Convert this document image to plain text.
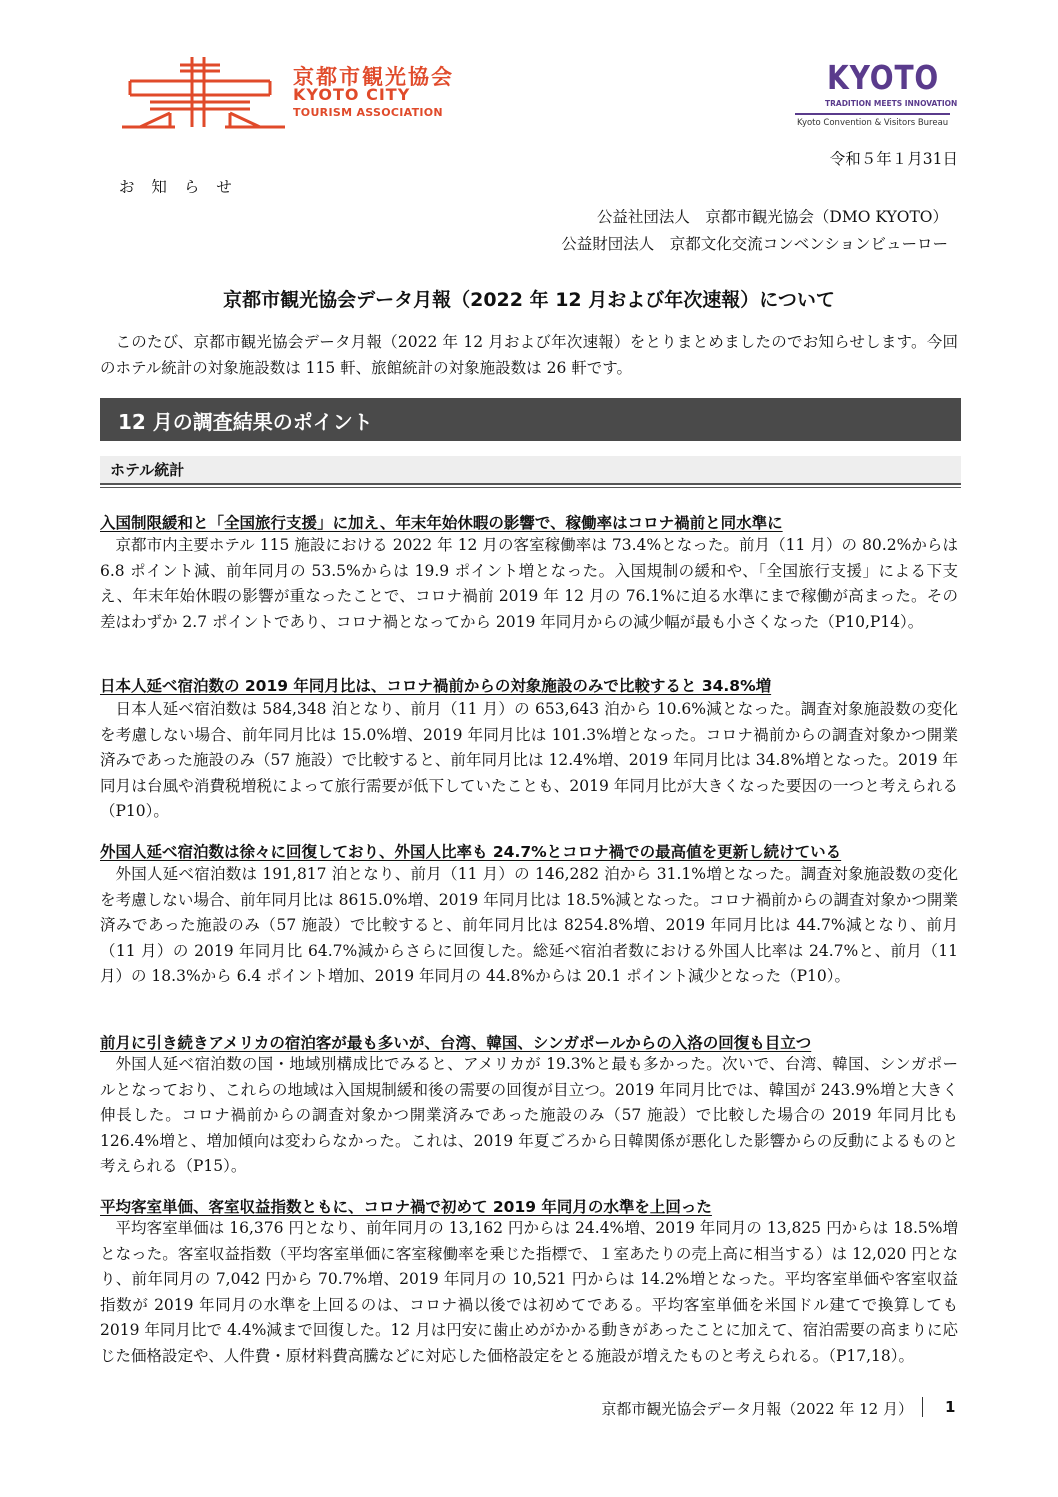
京都市観光協会
KYOTO CITY
TOURISM ASSOCIATION
KYOTO
TRADITION MEETS INNOVATION
Kyoto Convention & Visitors Bureau
令和５年１月31日
お 知 ら せ
公益社団法人　京都市観光協会（DMO KYOTO）
公益財団法人　京都文化交流コンベンションビューロー
京都市観光協会データ月報（2022 年 12 月および年次速報）について

このたび、京都市観光協会データ月報（2022 年 12 月および年次速報）をとりまとめましたのでお知らせします。今回のホテル統計の対象施設数は 115 軒、旅館統計の対象施設数は 26 軒です。

12 月の調査結果のポイント
ホテル統計
入国制限緩和と「全国旅行支援」に加え、年末年始休暇の影響で、稼働率はコロナ禍前と同水準に

京都市内主要ホテル 115 施設における 2022 年 12 月の客室稼働率は 73.4%となった。前月（11 月）の 80.2%からは 6.8 ポイント減、前年同月の 53.5%からは 19.9 ポイント増となった。入国規制の緩和や、「全国旅行支援」による下支え、年末年始休暇の影響が重なったことで、コロナ禍前 2019 年 12 月の 76.1%に迫る水準にまで稼働が高まった。その差はわずか 2.7 ポイントであり、コロナ禍となってから 2019 年同月からの減少幅が最も小さくなった（P10,P14）。

日本人延べ宿泊数の 2019 年同月比は、コロナ禍前からの対象施設のみで比較すると 34.8%増

日本人延べ宿泊数は 584,348 泊となり、前月（11 月）の 653,643 泊から 10.6%減となった。調査対象施設数の変化を考慮しない場合、前年同月比は 15.0%増、2019 年同月比は 101.3%増となった。コロナ禍前からの調査対象かつ開業済みであった施設のみ（57 施設）で比較すると、前年同月比は 12.4%増、2019 年同月比は 34.8%増となった。2019 年同月は台風や消費税増税によって旅行需要が低下していたことも、2019 年同月比が大きくなった要因の一つと考えられる（P10）。

外国人延べ宿泊数は徐々に回復しており、外国人比率も 24.7%とコロナ禍での最高値を更新し続けている

外国人延べ宿泊数は 191,817 泊となり、前月（11 月）の 146,282 泊から 31.1%増となった。調査対象施設数の変化を考慮しない場合、前年同月比は 8615.0%増、2019 年同月比は 18.5%減となった。コロナ禍前からの調査対象かつ開業済みであった施設のみ（57 施設）で比較すると、前年同月比は 8254.8%増、2019 年同月比は 44.7%減となり、前月（11 月）の 2019 年同月比 64.7%減からさらに回復した。総延べ宿泊者数における外国人比率は 24.7%と、前月（11 月）の 18.3%から 6.4 ポイント増加、2019 年同月の 44.8%からは 20.1 ポイント減少となった（P10）。

前月に引き続きアメリカの宿泊客が最も多いが、台湾、韓国、シンガポールからの入洛の回復も目立つ

外国人延べ宿泊数の国・地域別構成比でみると、アメリカが 19.3%と最も多かった。次いで、台湾、韓国、シンガポールとなっており、これらの地域は入国規制緩和後の需要の回復が目立つ。2019 年同月比では、韓国が 243.9%増と大きく伸長した。コロナ禍前からの調査対象かつ開業済みであった施設のみ（57 施設）で比較した場合の 2019 年同月比も 126.4%増と、増加傾向は変わらなかった。これは、2019 年夏ごろから日韓関係が悪化した影響からの反動によるものと考えられる（P15）。

平均客室単価、客室収益指数ともに、コロナ禍で初めて 2019 年同月の水準を上回った

平均客室単価は 16,376 円となり、前年同月の 13,162 円からは 24.4%増、2019 年同月の 13,825 円からは 18.5%増となった。客室収益指数（平均客室単価に客室稼働率を乗じた指標で、１室あたりの売上高に相当する）は 12,020 円となり、前年同月の 7,042 円から 70.7%増、2019 年同月の 10,521 円からは 14.2%増となった。平均客室単価や客室収益指数が 2019 年同月の水準を上回るのは、コロナ禍以後では初めてである。平均客室単価を米国ドル建てで換算しても 2019 年同月比で 4.4%減まで回復した。12 月は円安に歯止めがかかる動きがあったことに加えて、宿泊需要の高まりに応じた価格設定や、人件費・原材料費高騰などに対応した価格設定をとる施設が増えたものと考えられる。（P17,18）。

京都市観光協会データ月報（2022 年 12 月） 1
